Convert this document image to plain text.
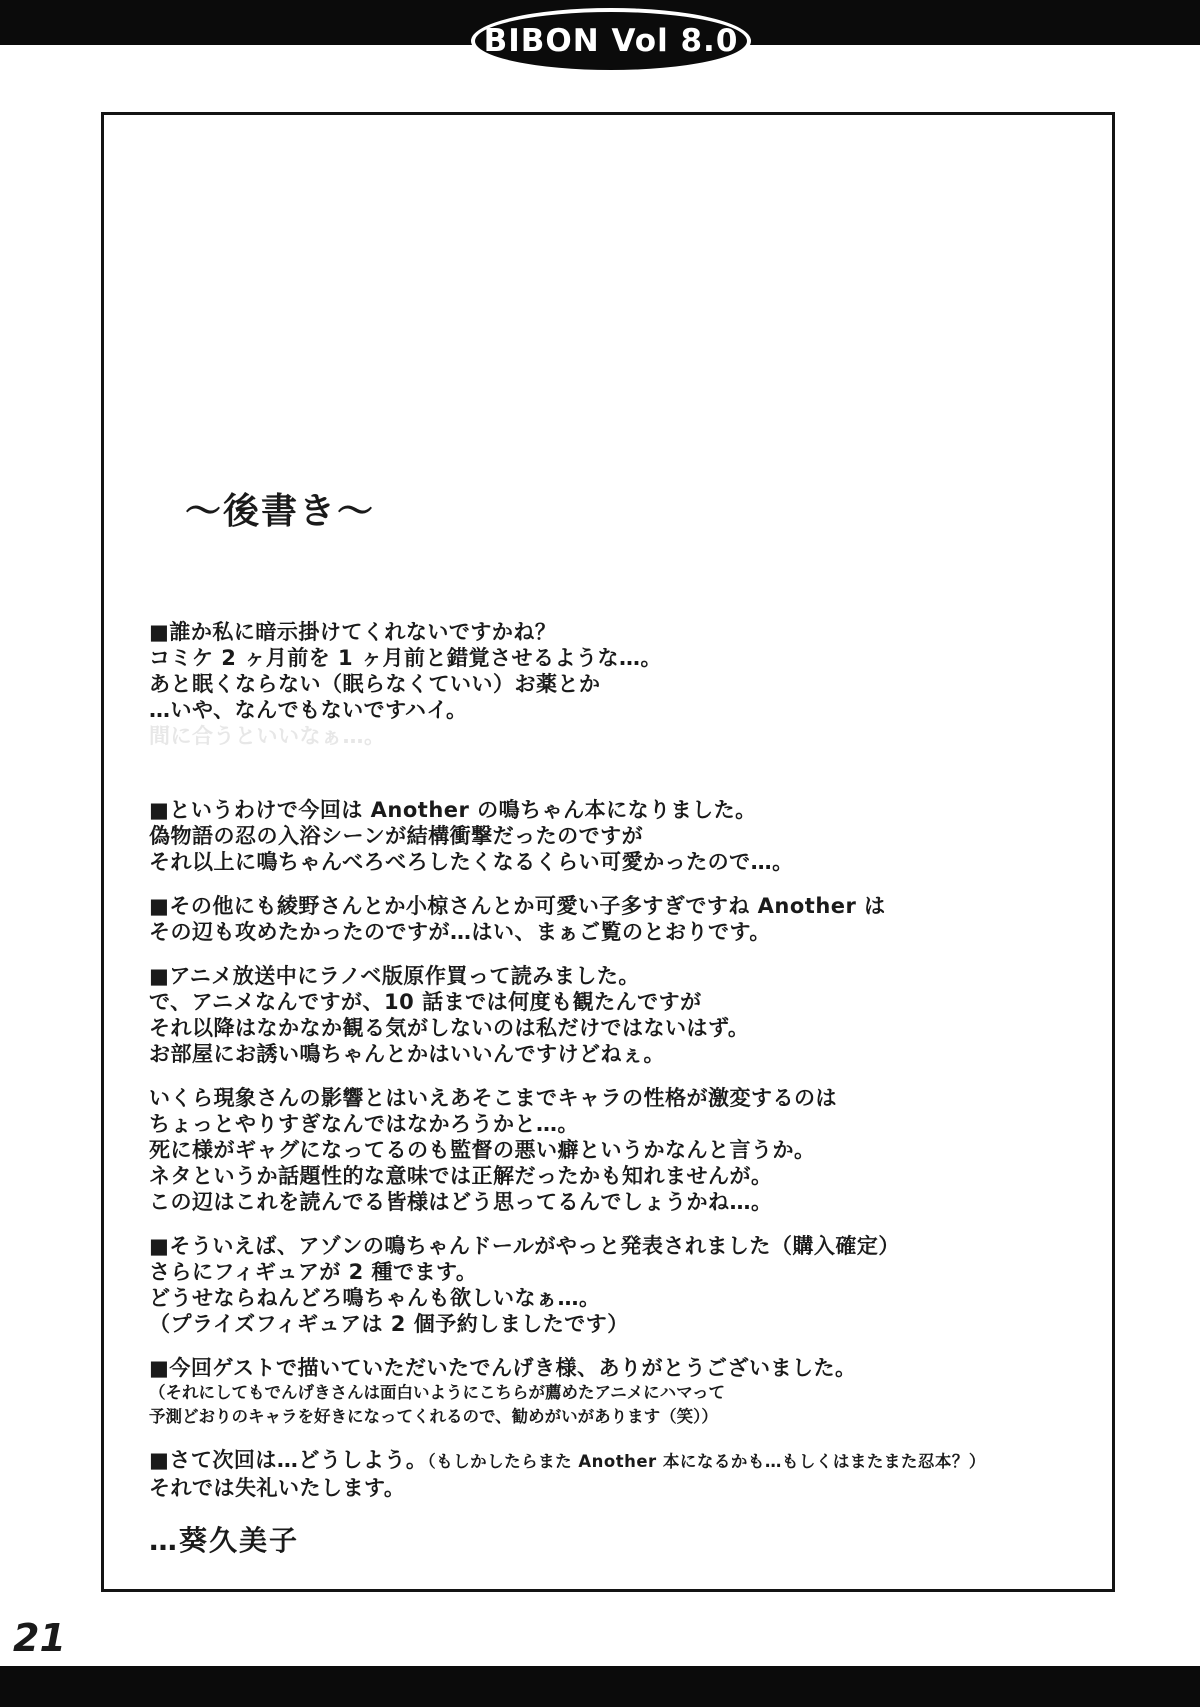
BIBON Vol 8.0
～後書き～
■誰か私に暗示掛けてくれないですかね？
コミケ 2 ヶ月前を 1 ヶ月前と錯覚させるような…。
あと眠くならない（眠らなくていい）お薬とか
…いや、なんでもないですハイ。
間に合うといいなぁ…。
■というわけで今回は Another の鳴ちゃん本になりました。
偽物語の忍の入浴シーンが結構衝撃だったのですが
それ以上に鳴ちゃんべろべろしたくなるくらい可愛かったので…。
■その他にも綾野さんとか小椋さんとか可愛い子多すぎですね Another は
その辺も攻めたかったのですが…はい、まぁご覧のとおりです。
■アニメ放送中にラノベ版原作買って読みました。
で、アニメなんですが、10 話までは何度も観たんですが
それ以降はなかなか観る気がしないのは私だけではないはず。
お部屋にお誘い鳴ちゃんとかはいいんですけどねぇ。
いくら現象さんの影響とはいえあそこまでキャラの性格が激変するのは
ちょっとやりすぎなんではなかろうかと…。
死に様がギャグになってるのも監督の悪い癖というかなんと言うか。
ネタというか話題性的な意味では正解だったかも知れませんが。
この辺はこれを読んでる皆様はどう思ってるんでしょうかね…。
■そういえば、アゾンの鳴ちゃんドールがやっと発表されました（購入確定）
さらにフィギュアが 2 種でます。
どうせならねんどろ鳴ちゃんも欲しいなぁ…。
（プライズフィギュアは 2 個予約しましたです）
■今回ゲストで描いていただいたでんげき様、ありがとうございました。
（それにしてもでんげきさんは面白いようにこちらが薦めたアニメにハマって
予測どおりのキャラを好きになってくれるので、勧めがいがあります（笑））
■さて次回は…どうしよう。（もしかしたらまた Another 本になるかも…もしくはまたまた忍本？）
それでは失礼いたします。
…葵久美子
21
